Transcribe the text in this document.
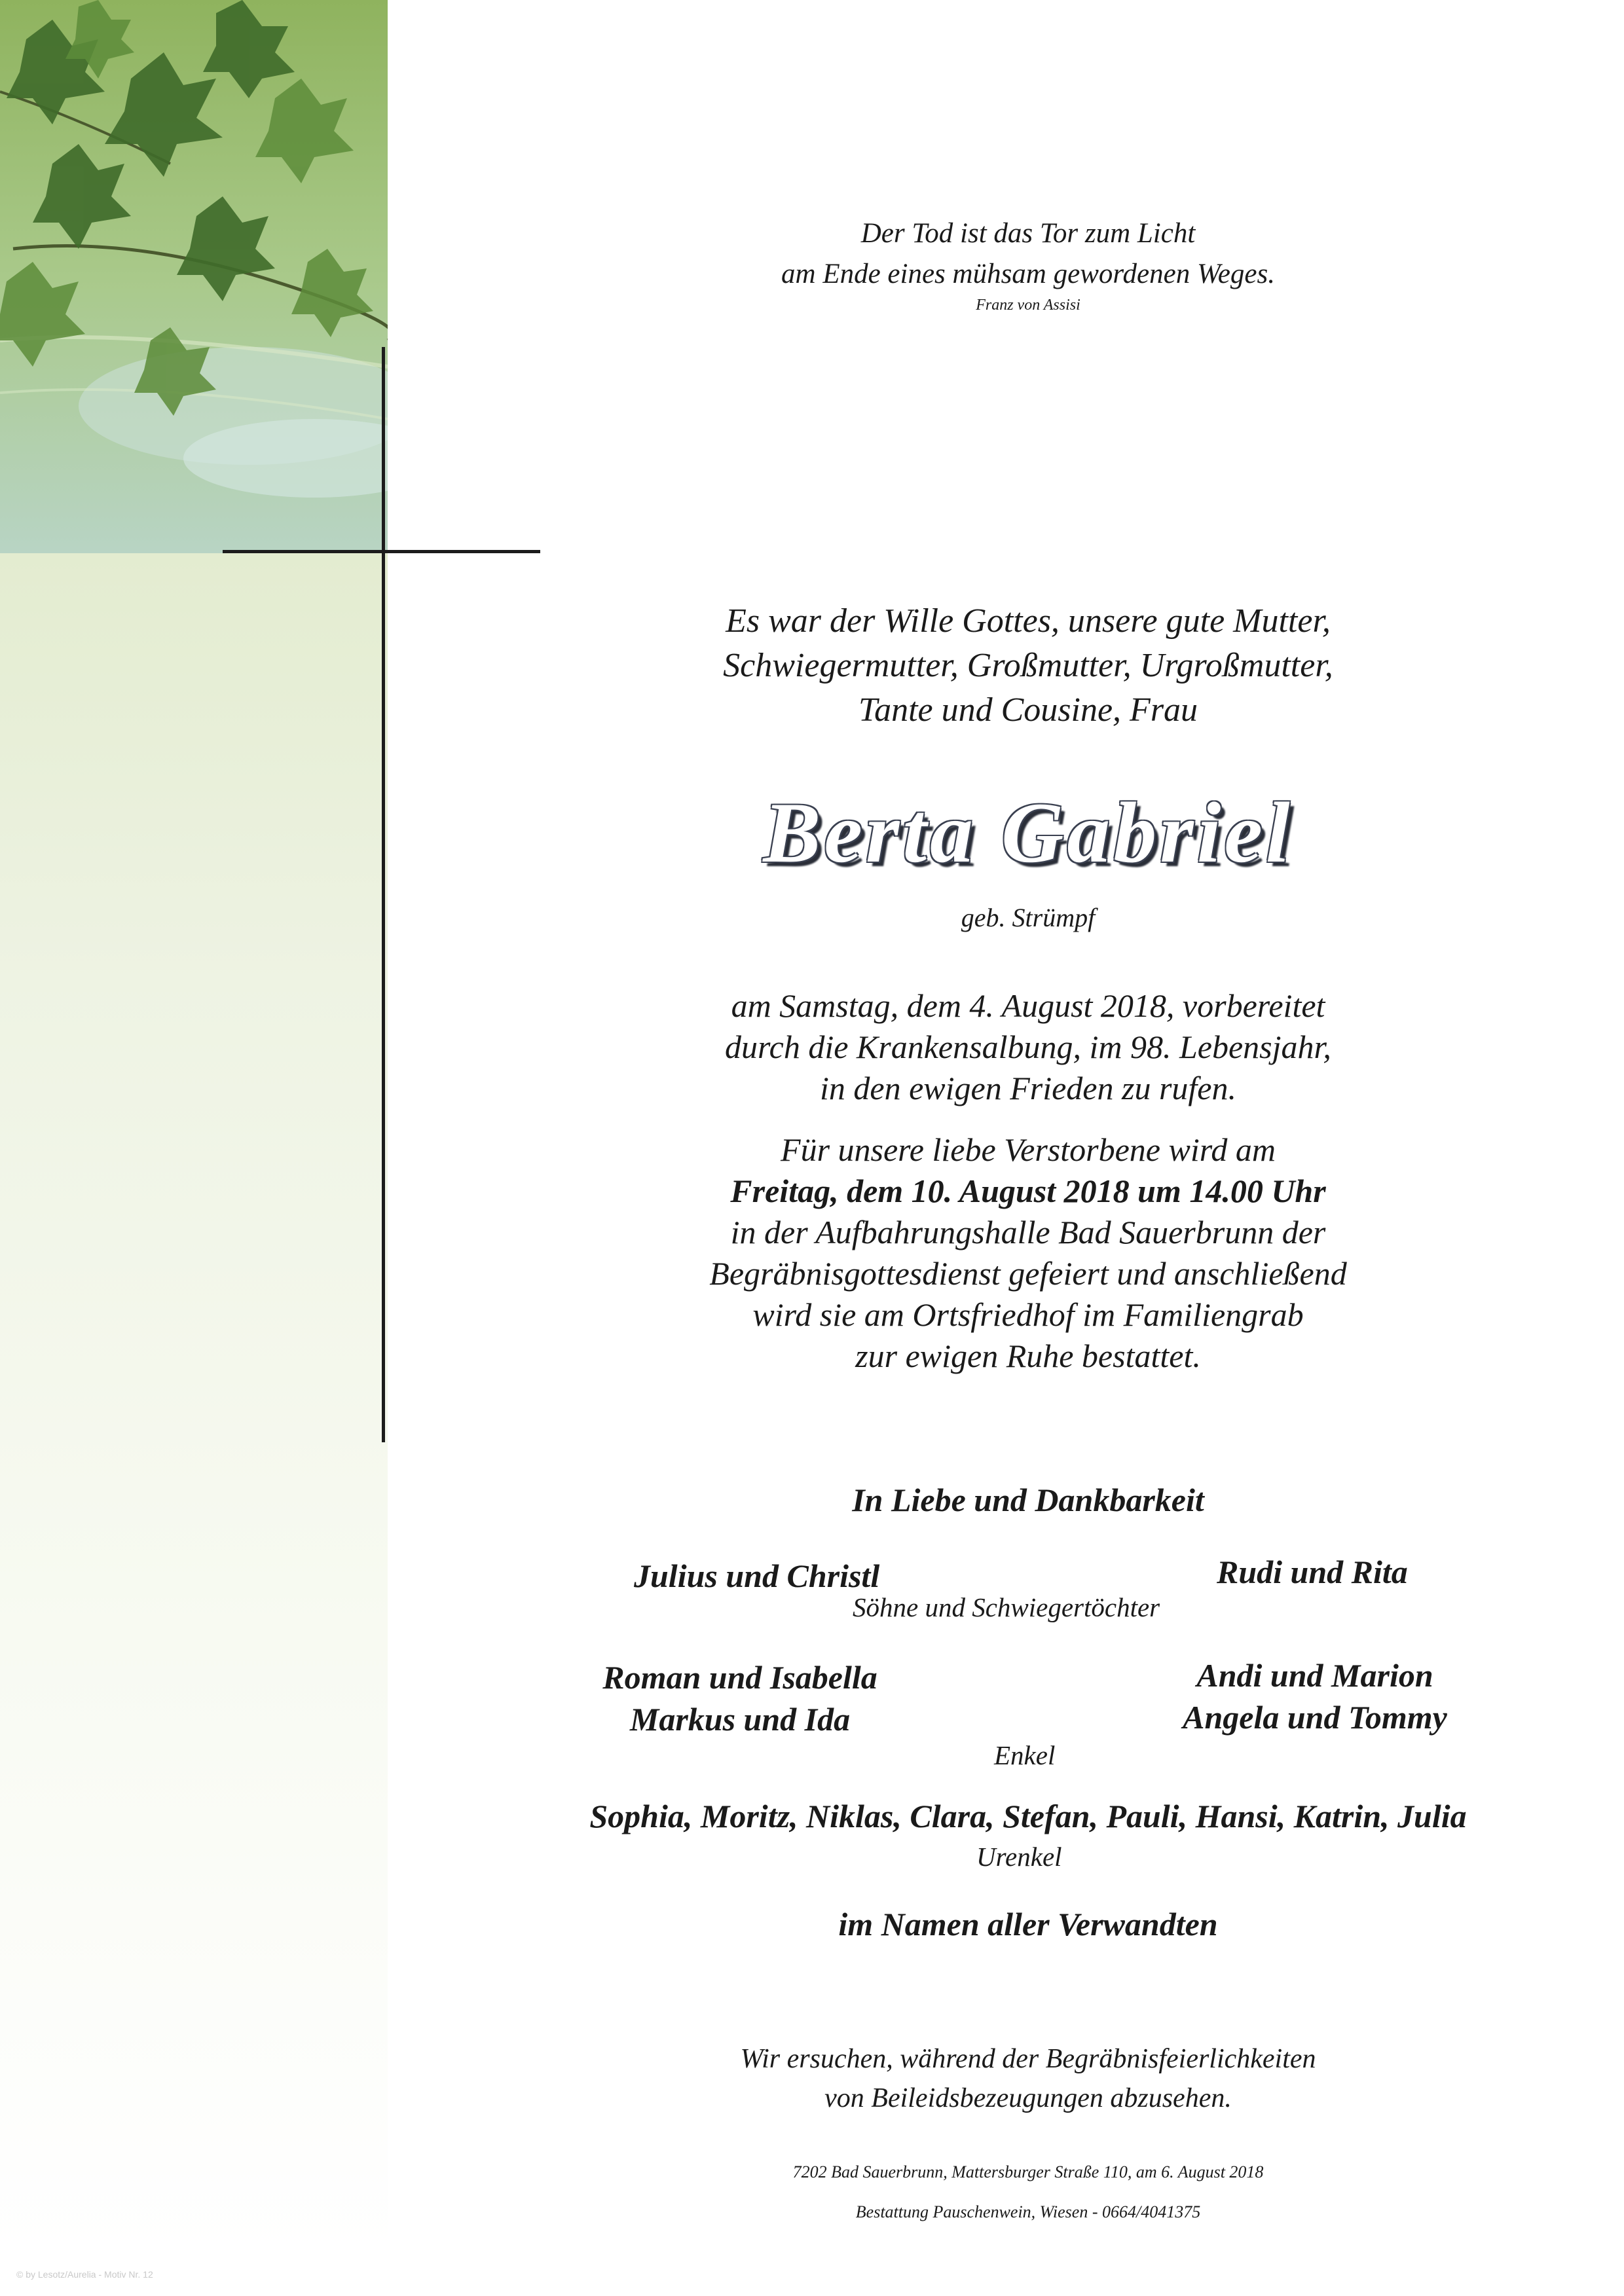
Der Tod ist das Tor zum Licht
am Ende eines mühsam gewordenen Weges.
Franz von Assisi
Es war der Wille Gottes, unsere gute Mutter,
Schwiegermutter, Großmutter, Urgroßmutter,
Tante und Cousine, Frau
Berta Gabriel
geb. Strümpf
am Samstag, dem 4. August 2018, vorbereitet
durch die Krankensalbung, im 98. Lebensjahr,
in den ewigen Frieden zu rufen.
Für unsere liebe Verstorbene wird am
Freitag, dem 10. August 2018 um 14.00 Uhr
in der Aufbahrungshalle Bad Sauerbrunn der
Begräbnisgottesdienst gefeiert und anschließend
wird sie am Ortsfriedhof im Familiengrab
zur ewigen Ruhe bestattet.
In Liebe und Dankbarkeit
Julius und Christl	Rudi und Rita
Söhne und Schwiegertöchter
Roman und Isabella
Markus und Ida
Andi und Marion
Angela und Tommy
Enkel
Sophia, Moritz, Niklas, Clara, Stefan, Pauli, Hansi, Katrin, Julia
Urenkel
im Namen aller Verwandten
Wir ersuchen, während der Begräbnisfeierlichkeiten
von Beileidsbezeugungen abzusehen.
7202 Bad Sauerbrunn, Mattersburger Straße 110, am 6. August 2018
Bestattung Pauschenwein, Wiesen - 0664/4041375
© by Lesotz/Aurelia - Motiv Nr. 12
